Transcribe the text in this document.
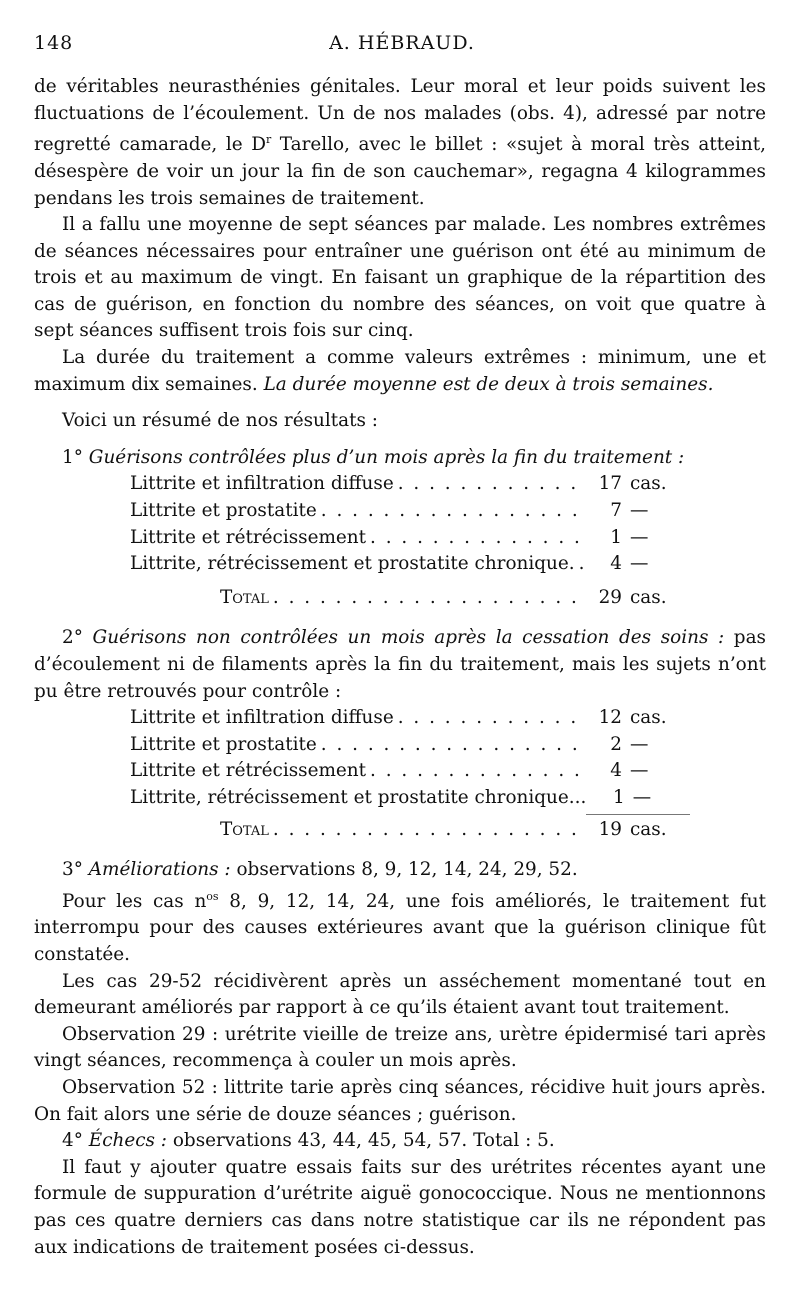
148	A. HÉBRAUD.

de véritables neurasthénies génitales. Leur moral et leur poids suivent les fluctuations de l’écoulement. Un de nos malades (obs. 4), adressé par notre regretté camarade, le $D^r$ Tarello, avec le billet : «sujet à moral très atteint, désespère de voir un jour la fin de son cauchemar», regagna 4 kilogrammes pendans les trois semaines de traitement.

Il a fallu une moyenne de sept séances par malade. Les nombres extrêmes de séances nécessaires pour entraîner une guérison ont été au minimum de trois et au maximum de vingt. En faisant un graphique de la répartition des cas de guérison, en fonction du nombre des séances, on voit que quatre à sept séances suffisent trois fois sur cinq.

La durée du traitement a comme valeurs extrêmes : minimum, une et maximum dix semaines. La durée moyenne est de deux à trois semaines.

Voici un résumé de nos résultats :

1° Guérisons contrôlées plus d’un mois après la fin du traitement :

Littrite et infiltration diffuse . . .	17 cas.
Littrite et prostatite . . .	7 —
Littrite et rétrécissement . . .	1 —
Littrite, rétrécissement et prostatite chronique. . . .	4 —
Total . . .	29 cas.

2° Guérisons non contrôlées un mois après la cessation des soins : pas d’écoulement ni de filaments après la fin du traitement, mais les sujets n’ont pu être retrouvés pour contrôle :

Littrite et infiltration diffuse . . .	12 cas.
Littrite et prostatite . . .	2 —
Littrite et rétrécissement . . .	4 —
Littrite, rétrécissement et prostatite chronique...	1 —
Total . . .	19 cas.

3° Améliorations : observations 8, 9, 12, 14, 24, 29, 52.

Pour les cas $n^{os}$ 8, 9, 12, 14, 24, une fois améliorés, le traitement fut interrompu pour des causes extérieures avant que la guérison clinique fût constatée.

Les cas 29-52 récidivèrent après un asséchement momentané tout en demeurant améliorés par rapport à ce qu’ils étaient avant tout traitement.

Observation 29 : urétrite vieille de treize ans, urètre épidermisé tari après vingt séances, recommença à couler un mois après.

Observation 52 : littrite tarie après cinq séances, récidive huit jours après. On fait alors une série de douze séances ; guérison.

4° Échecs : observations 43, 44, 45, 54, 57. Total : 5.

Il faut y ajouter quatre essais faits sur des urétrites récentes ayant une formule de suppuration d’urétrite aiguë gonococcique. Nous ne mentionnons pas ces quatre derniers cas dans notre statistique car ils ne répondent pas aux indications de traitement posées ci-dessus.
